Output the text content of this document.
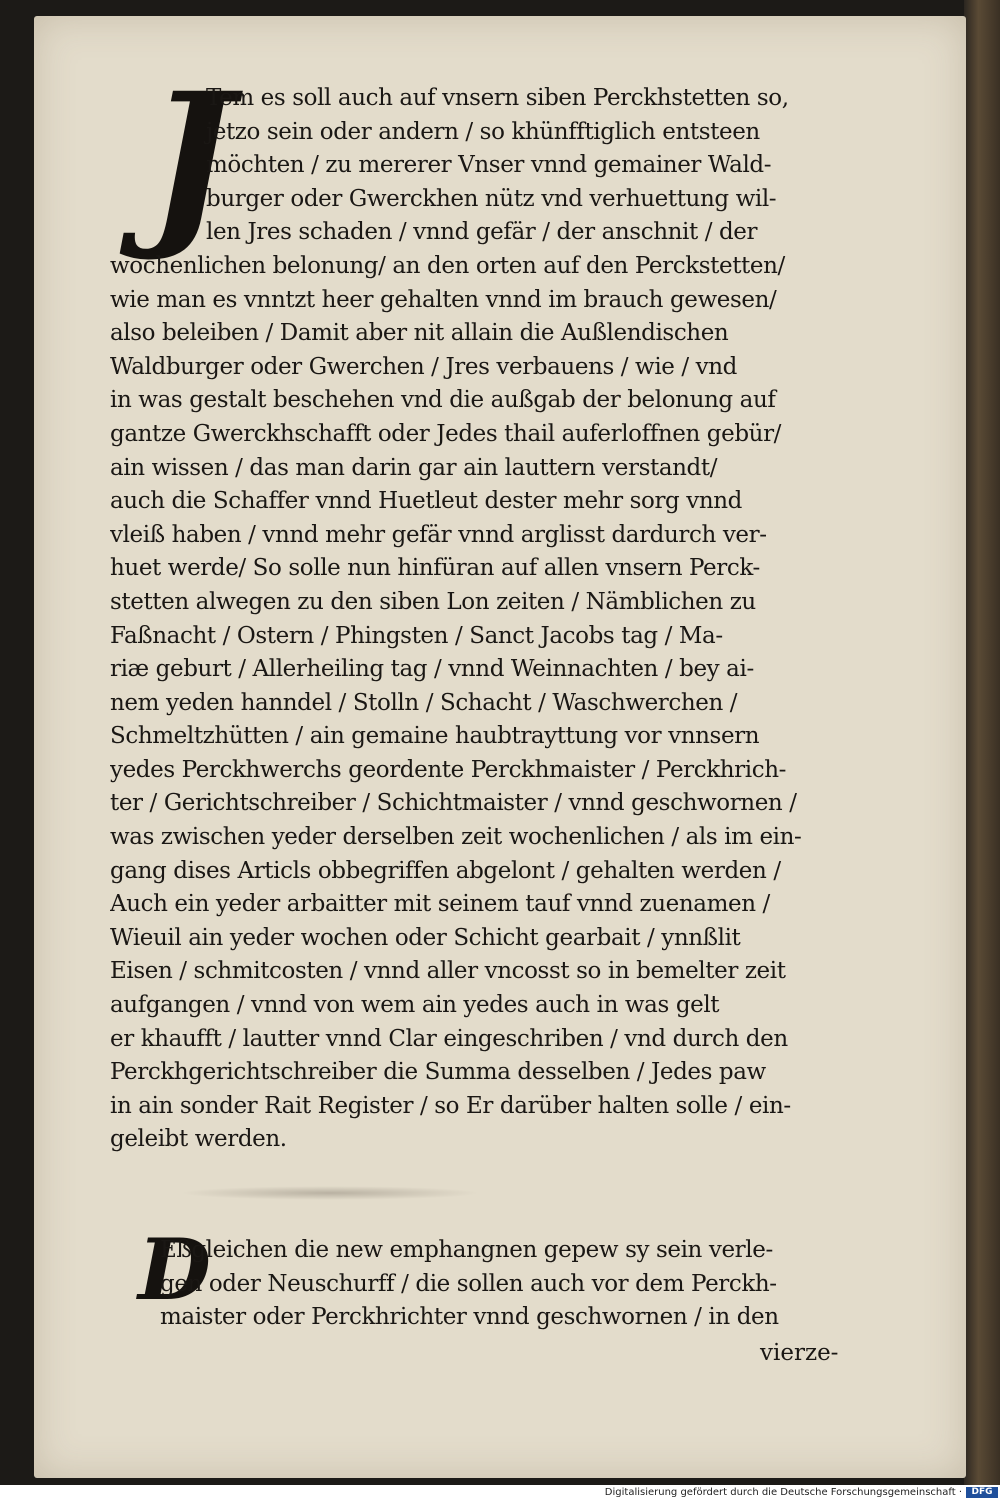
J
Tem es soll auch auf vnsern siben Perckhstetten so,
jetzo sein oder andern / so khünfftiglich entsteen
möchten / zu mererer Vnser vnnd gemainer Wald-
burger oder Gwerckhen nütz vnd verhuettung wil-
len Jres schaden / vnnd gefär / der anschnit / der
wochenlichen belonung/ an den orten auf den Perckstetten/
wie man es vnntzt heer gehalten vnnd im brauch gewesen/
also beleiben / Damit aber nit allain die Außlendischen
Waldburger oder Gwerchen / Jres verbauens / wie / vnd
in was gestalt beschehen vnd die außgab der belonung auf
gantze Gwerckhschafft oder Jedes thail auferloffnen gebür/
ain wissen / das man darin gar ain lauttern verstandt/
auch die Schaffer vnnd Huetleut dester mehr sorg vnnd
vleiß haben / vnnd mehr gefär vnnd arglisst dardurch ver-
huet werde/ So solle nun hinfüran auf allen vnsern Perck-
stetten alwegen zu den siben Lon zeiten / Nämblichen zu
Faßnacht / Ostern / Phingsten / Sanct Jacobs tag / Ma-
riæ geburt / Allerheiling tag / vnnd Weinnachten / bey ai-
nem yeden hanndel / Stolln / Schacht / Waschwerchen /
Schmeltzhütten / ain gemaine haubtrayttung vor vnnsern
yedes Perckhwerchs geordente Perckhmaister / Perckhrich-
ter / Gerichtschreiber / Schichtmaister / vnnd geschwornen /
was zwischen yeder derselben zeit wochenlichen / als im ein-
gang dises Articls obbegriffen abgelont / gehalten werden /
Auch ein yeder arbaitter mit seinem tauf vnnd zuenamen /
Wieuil ain yeder wochen oder Schicht gearbait / ynnßlit
Eisen / schmitcosten / vnnd aller vncosst so in bemelter zeit
aufgangen / vnnd von wem ain yedes auch in was gelt
er khaufft / lautter vnnd Clar eingeschriben / vnd durch den
Perckhgerichtschreiber die Summa desselben / Jedes paw
in ain sonder Rait Register / so Er darüber halten solle / ein-
geleibt werden.
D
Eßgleichen die new emphangnen gepew sy sein verle-
gen oder Neuschurff / die sollen auch vor dem Perckh-
maister oder Perckhrichter vnnd geschwornen / in den
vierze-
Digitalisierung gefördert durch die Deutsche Forschungsgemeinschaft ·	DFG
